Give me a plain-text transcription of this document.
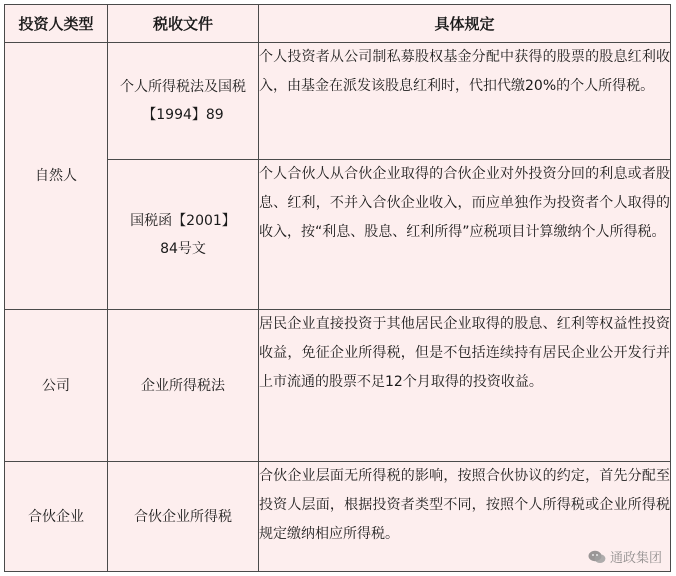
投资人类型	税收文件	具体规定
自然人	个人所得税法及国税【1994】89	个人投资者从公司制私募股权基金分配中获得的股票的股息红利收入，由基金在派发该股息红利时，代扣代缴20%的个人所得税。

	国税函【2001】84号文	个人合伙人从合伙企业取得的合伙企业对外投资分回的利息或者股息、红利，不并入合伙企业收入，而应单独作为投资者个人取得的收入，按“利息、股息、红利所得”应税项目计算缴纳个人所得税。
公司	企业所得税法	居民企业直接投资于其他居民企业取得的股息、红利等权益性投资收益，免征企业所得税，但是不包括连续持有居民企业公开发行并上市流通的股票不足12个月取得的投资收益。
合伙企业	合伙企业所得税	合伙企业层面无所得税的影响，按照合伙协议的约定，首先分配至投资人层面，根据投资者类型不同，按照个人所得税或企业所得税规定缴纳相应所得税。
通政集团
